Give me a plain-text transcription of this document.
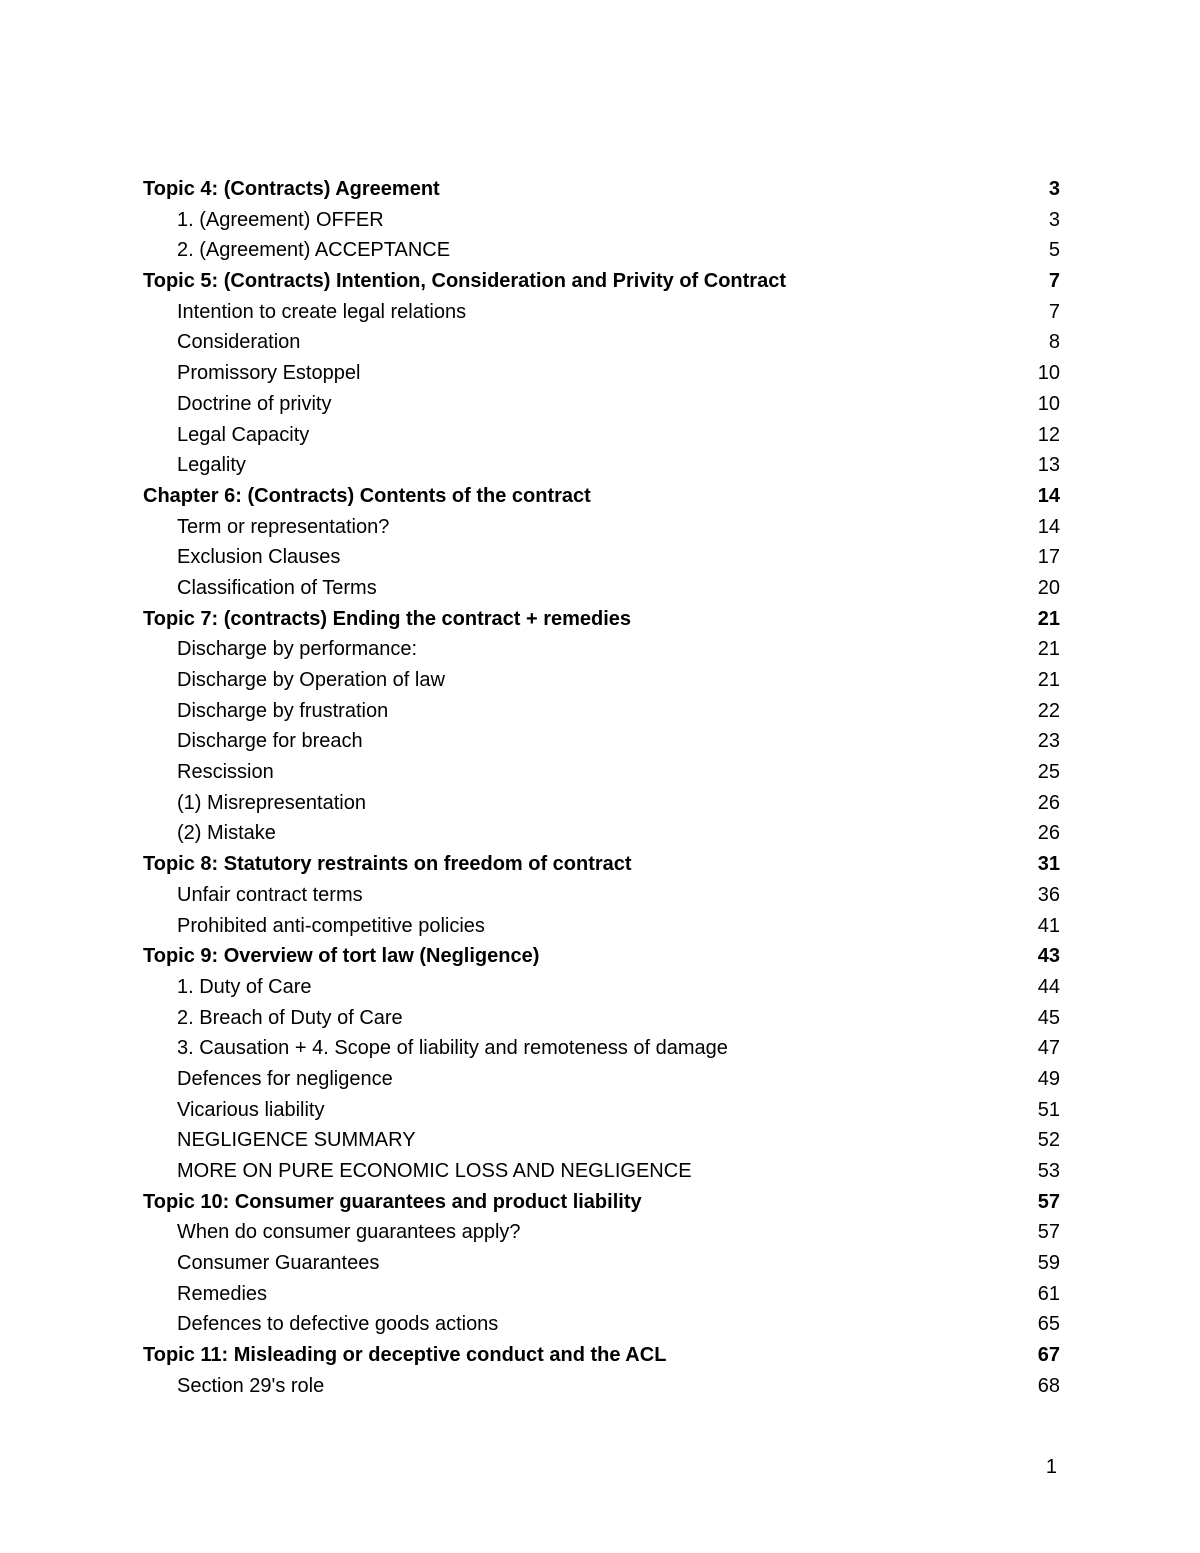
Topic 4: (Contracts) Agreement	3
1. (Agreement) OFFER	3
2. (Agreement) ACCEPTANCE	5
Topic 5: (Contracts) Intention, Consideration and Privity of Contract	7
Intention to create legal relations	7
Consideration	8
Promissory Estoppel	10
Doctrine of privity	10
Legal Capacity	12
Legality	13
Chapter 6: (Contracts) Contents of the contract	14
Term or representation?	14
Exclusion Clauses	17
Classification of Terms	20
Topic 7: (contracts) Ending the contract + remedies	21
Discharge by performance:	21
Discharge by Operation of law	21
Discharge by frustration	22
Discharge for breach	23
Rescission	25
(1) Misrepresentation	26
(2) Mistake	26
Topic 8: Statutory restraints on freedom of contract	31
Unfair contract terms	36
Prohibited anti-competitive policies	41
Topic 9: Overview of tort law (Negligence)	43
1. Duty of Care	44
2. Breach of Duty of Care	45
3. Causation + 4. Scope of liability and remoteness of damage	47
Defences for negligence	49
Vicarious liability	51
NEGLIGENCE SUMMARY	52
MORE ON PURE ECONOMIC LOSS AND NEGLIGENCE	53
Topic 10: Consumer guarantees and product liability	57
When do consumer guarantees apply?	57
Consumer Guarantees	59
Remedies	61
Defences to defective goods actions	65
Topic 11: Misleading or deceptive conduct and the ACL	67
Section 29's role	68
1
